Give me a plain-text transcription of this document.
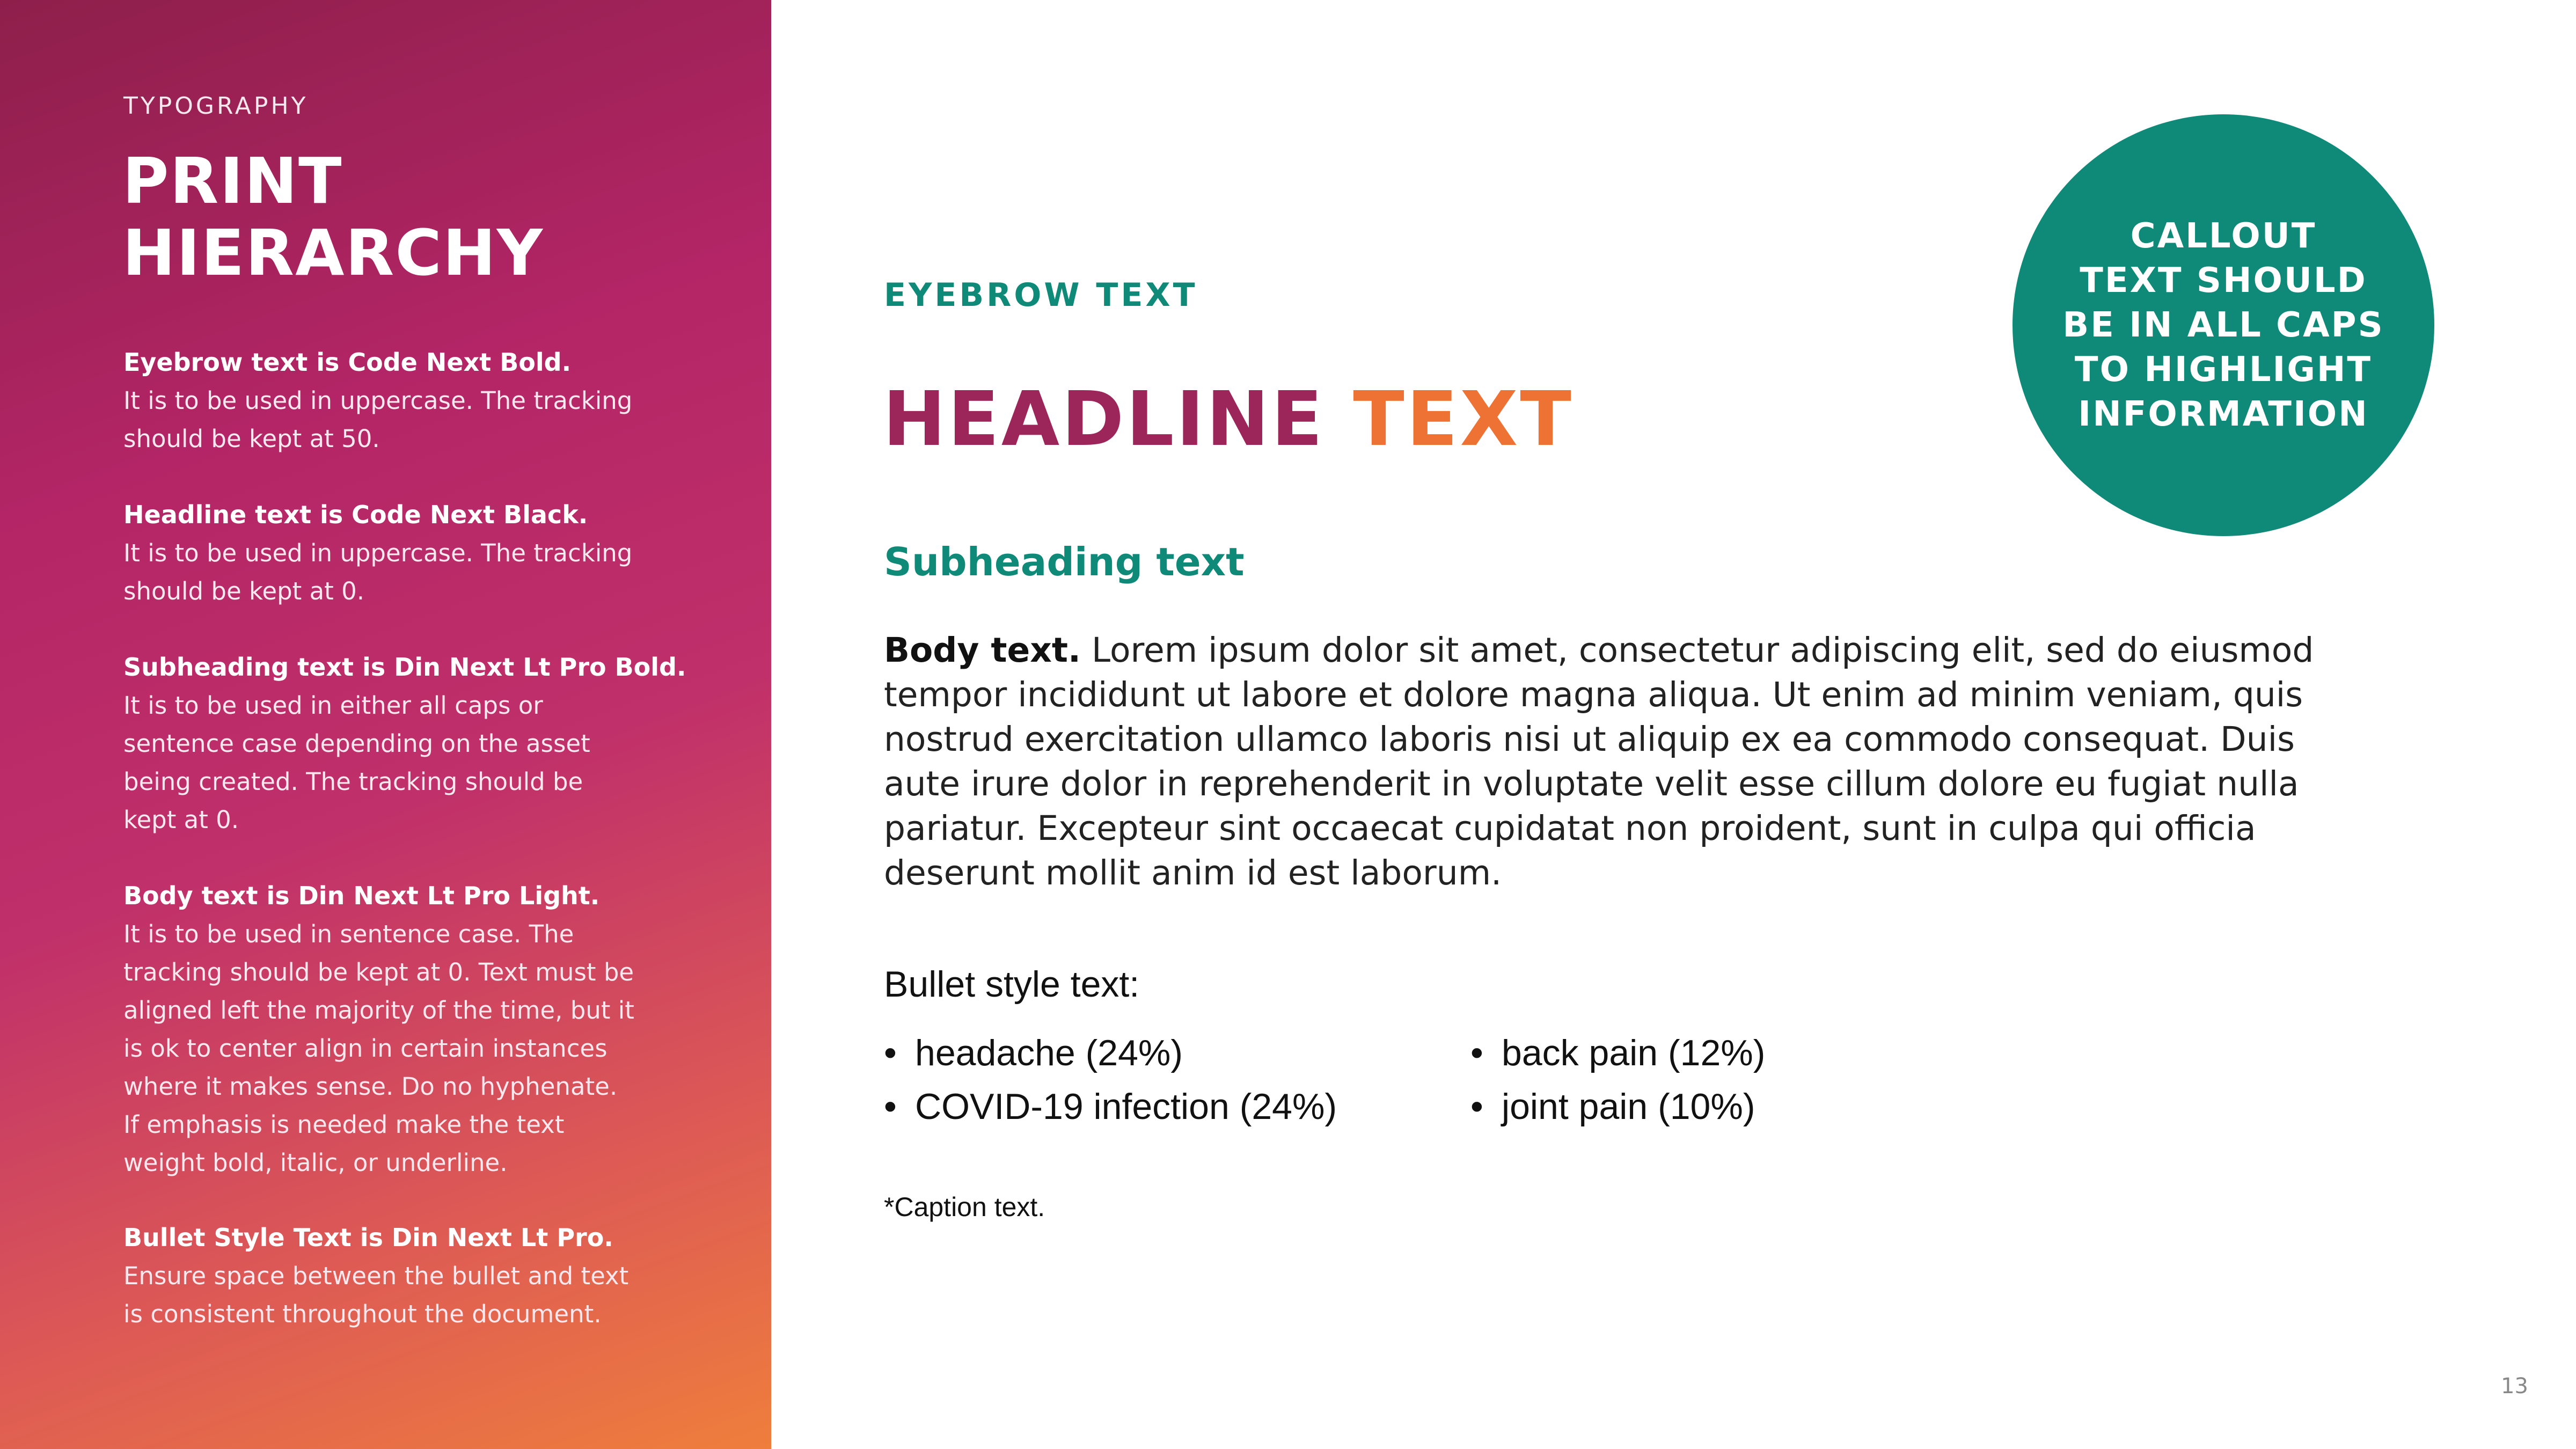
TYPOGRAPHY
PRINT
HIERARCHY
Eyebrow text is Code Next Bold.
It is to be used in uppercase. The tracking
should be kept at 50.
Headline text is Code Next Black.
It is to be used in uppercase. The tracking
should be kept at 0.
Subheading text is Din Next Lt Pro Bold.
It is to be used in either all caps or
sentence case depending on the asset
being created. The tracking should be
kept at 0.
Body text is Din Next Lt Pro Light.
It is to be used in sentence case. The
tracking should be kept at 0. Text must be
aligned left the majority of the time, but it
is ok to center align in certain instances
where it makes sense. Do no hyphenate.
If emphasis is needed make the text
weight bold, italic, or underline.
Bullet Style Text is Din Next Lt Pro.
Ensure space between the bullet and text
is consistent throughout the document.
EYEBROW TEXT
HEADLINE TEXT
Subheading text
Body text. Lorem ipsum dolor sit amet, consectetur adipiscing elit, sed do eiusmod tempor incididunt ut labore et dolore magna aliqua. Ut enim ad minim veniam, quis nostrud exercitation ullamco laboris nisi ut aliquip ex ea commodo consequat. Duis aute irure dolor in reprehenderit in voluptate velit esse cillum dolore eu fugiat nulla pariatur. Excepteur sint occaecat cupidatat non proident, sunt in culpa qui officia deserunt mollit anim id est laborum.
Bullet style text:
• headache (24%)
• COVID-19 infection (24%)
• back pain (12%)
• joint pain (10%)
*Caption text.
CALLOUT
TEXT SHOULD
BE IN ALL CAPS
TO HIGHLIGHT
INFORMATION
13
